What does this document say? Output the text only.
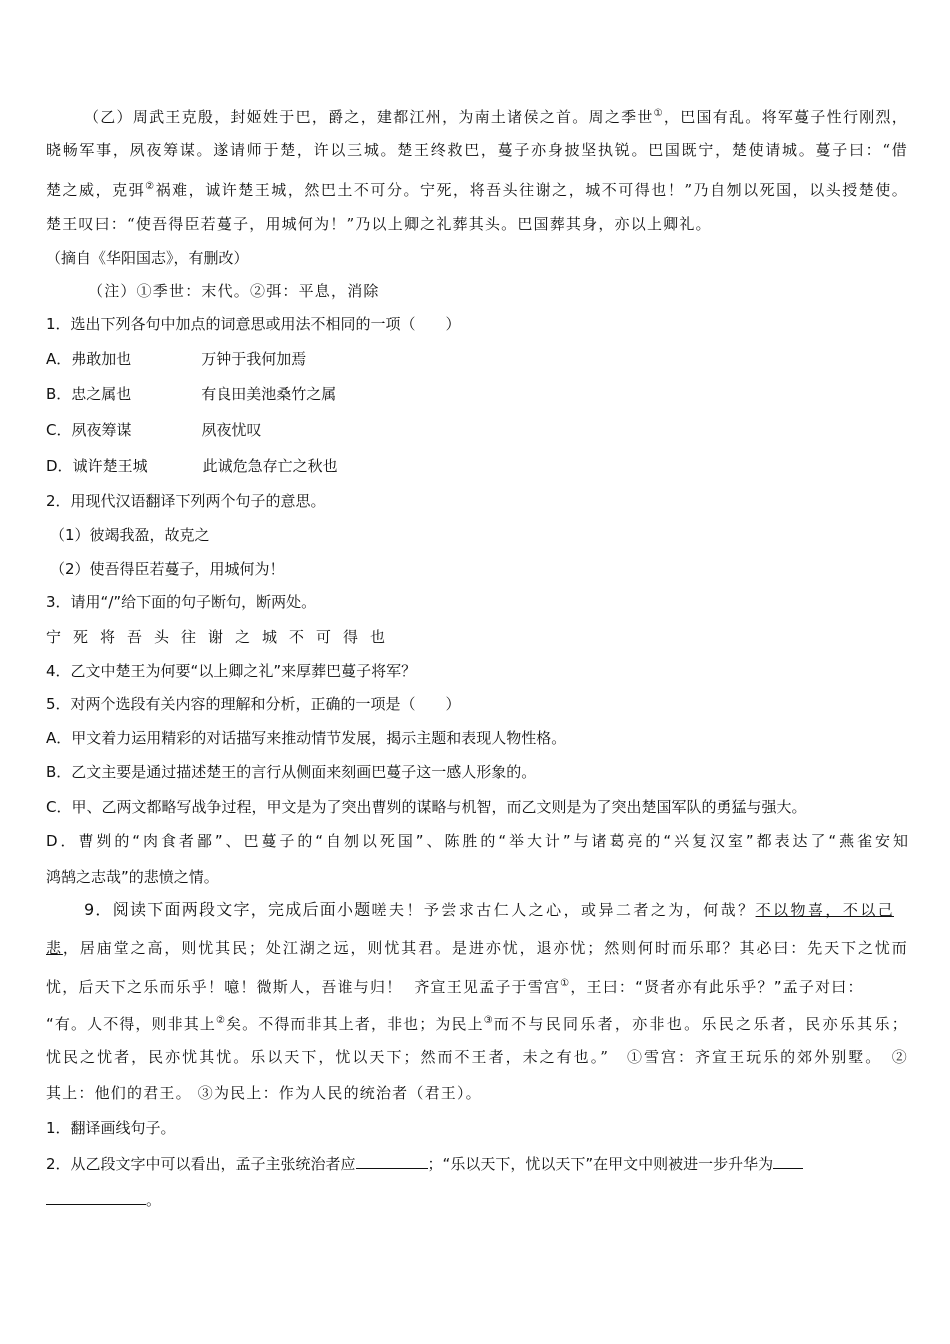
（乙）周武王克殷，封姬姓于巴，爵之，建都江州，为南土诸侯之首。周之季世①，巴国有乱。将军蔓子性行刚烈，
晓畅军事，夙夜筹谋。遂请师于楚，许以三城。楚王终救巴，蔓子亦身披坚执锐。巴国既宁，楚使请城。蔓子曰：“借
楚之威，克弭②祸难，诚许楚王城，然巴土不可分。宁死，将吾头往谢之，城不可得也！”乃自刎以死国，以头授楚使。
楚王叹曰：“使吾得臣若蔓子，用城何为！”乃以上卿之礼葬其头。巴国葬其身，亦以上卿礼。
（摘自《华阳国志》，有删改）
（注）①季世：末代。②弭：平息，消除
1．选出下列各句中加点的词意思或用法不相同的一项（　　）
A．弗敢加也	万钟于我何加焉
B．忠之属也	有良田美池桑竹之属
C．夙夜筹谋	夙夜忧叹
D．诚许楚王城	此诚危急存亡之秋也
2．用现代汉语翻译下列两个句子的意思。
（1）彼竭我盈，故克之
（2）使吾得臣若蔓子，用城何为！
3．请用“/”给下面的句子断句，断两处。
宁死将吾头往谢之城不可得也
4．乙文中楚王为何要“以上卿之礼”来厚葬巴蔓子将军？
5．对两个选段有关内容的理解和分析，正确的一项是（　　）
A．甲文着力运用精彩的对话描写来推动情节发展，揭示主题和表现人物性格。
B．乙文主要是通过描述楚王的言行从侧面来刻画巴蔓子这一感人形象的。
C．甲、乙两文都略写战争过程，甲文是为了突出曹刿的谋略与机智，而乙文则是为了突出楚国军队的勇猛与强大。
D．曹刿的“肉食者鄙”、巴蔓子的“自刎以死国”、陈胜的“举大计”与诸葛亮的“兴复汉室”都表达了“燕雀安知
鸿鹄之志哉”的悲愤之情。
9．阅读下面两段文字，完成后面小题嗟夫！予尝求古仁人之心，或异二者之为，何哉？不以物喜，不以己
悲，居庙堂之高，则忧其民；处江湖之远，则忧其君。是进亦忧，退亦忧；然则何时而乐耶？其必曰：先天下之忧而
忧，后天下之乐而乐乎！噫！微斯人，吾谁与归！ 齐宣王见孟子于雪宫①，王曰：“贤者亦有此乐乎？”孟子对曰：
“有。人不得，则非其上②矣。不得而非其上者，非也；为民上③而不与民同乐者，亦非也。乐民之乐者，民亦乐其乐；
忧民之忧者，民亦忧其忧。乐以天下，忧以天下；然而不王者，未之有也。”　①雪宫：齐宣王玩乐的郊外别墅。　②
其上：他们的君王。 ③为民上：作为人民的统治者（君王）。
1．翻译画线句子。
2．从乙段文字中可以看出，孟子主张统治者应	；“乐以天下，忧以天下”在甲文中则被进一步升华为
。
